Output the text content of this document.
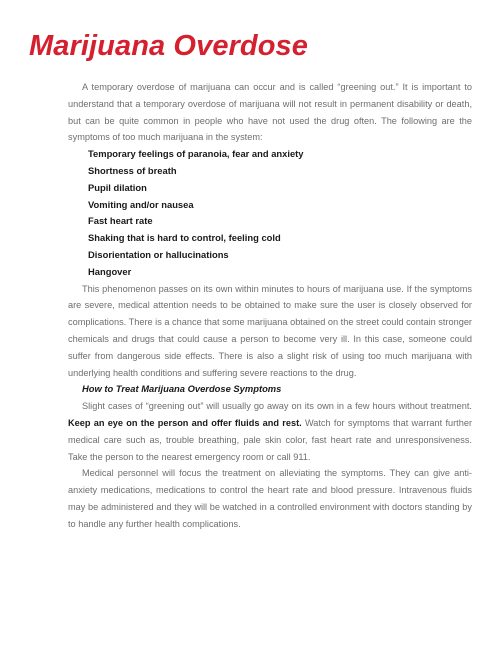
Marijuana Overdose

A temporary overdose of marijuana can occur and is called “greening out.” It is important to understand that a temporary overdose of marijuana will not result in permanent disability or death, but can be quite common in people who have not used the drug often. The following are the symptoms of too much marijuana in the system:

Temporary feelings of paranoia, fear and anxiety
Shortness of breath
Pupil dilation
Vomiting and/or nausea
Fast heart rate
Shaking that is hard to control, feeling cold
Disorientation or hallucinations
Hangover

This phenomenon passes on its own within minutes to hours of marijuana use. If the symptoms are severe, medical attention needs to be obtained to make sure the user is closely observed for complications. There is a chance that some marijuana obtained on the street could contain stronger chemicals and drugs that could cause a person to become very ill. In this case, someone could suffer from dangerous side effects. There is also a slight risk of using too much marijuana with underlying health conditions and suffering severe reactions to the drug.

How to Treat Marijuana Overdose Symptoms

Slight cases of “greening out” will usually go away on its own in a few hours without treatment. Keep an eye on the person and offer fluids and rest. Watch for symptoms that warrant further medical care such as, trouble breathing, pale skin color, fast heart rate and unresponsiveness. Take the person to the nearest emergency room or call 911.

Medical personnel will focus the treatment on alleviating the symptoms. They can give anti-anxiety medications, medications to control the heart rate and blood pressure. Intravenous fluids may be administered and they will be watched in a controlled environment with doctors standing by to handle any further health complications.
